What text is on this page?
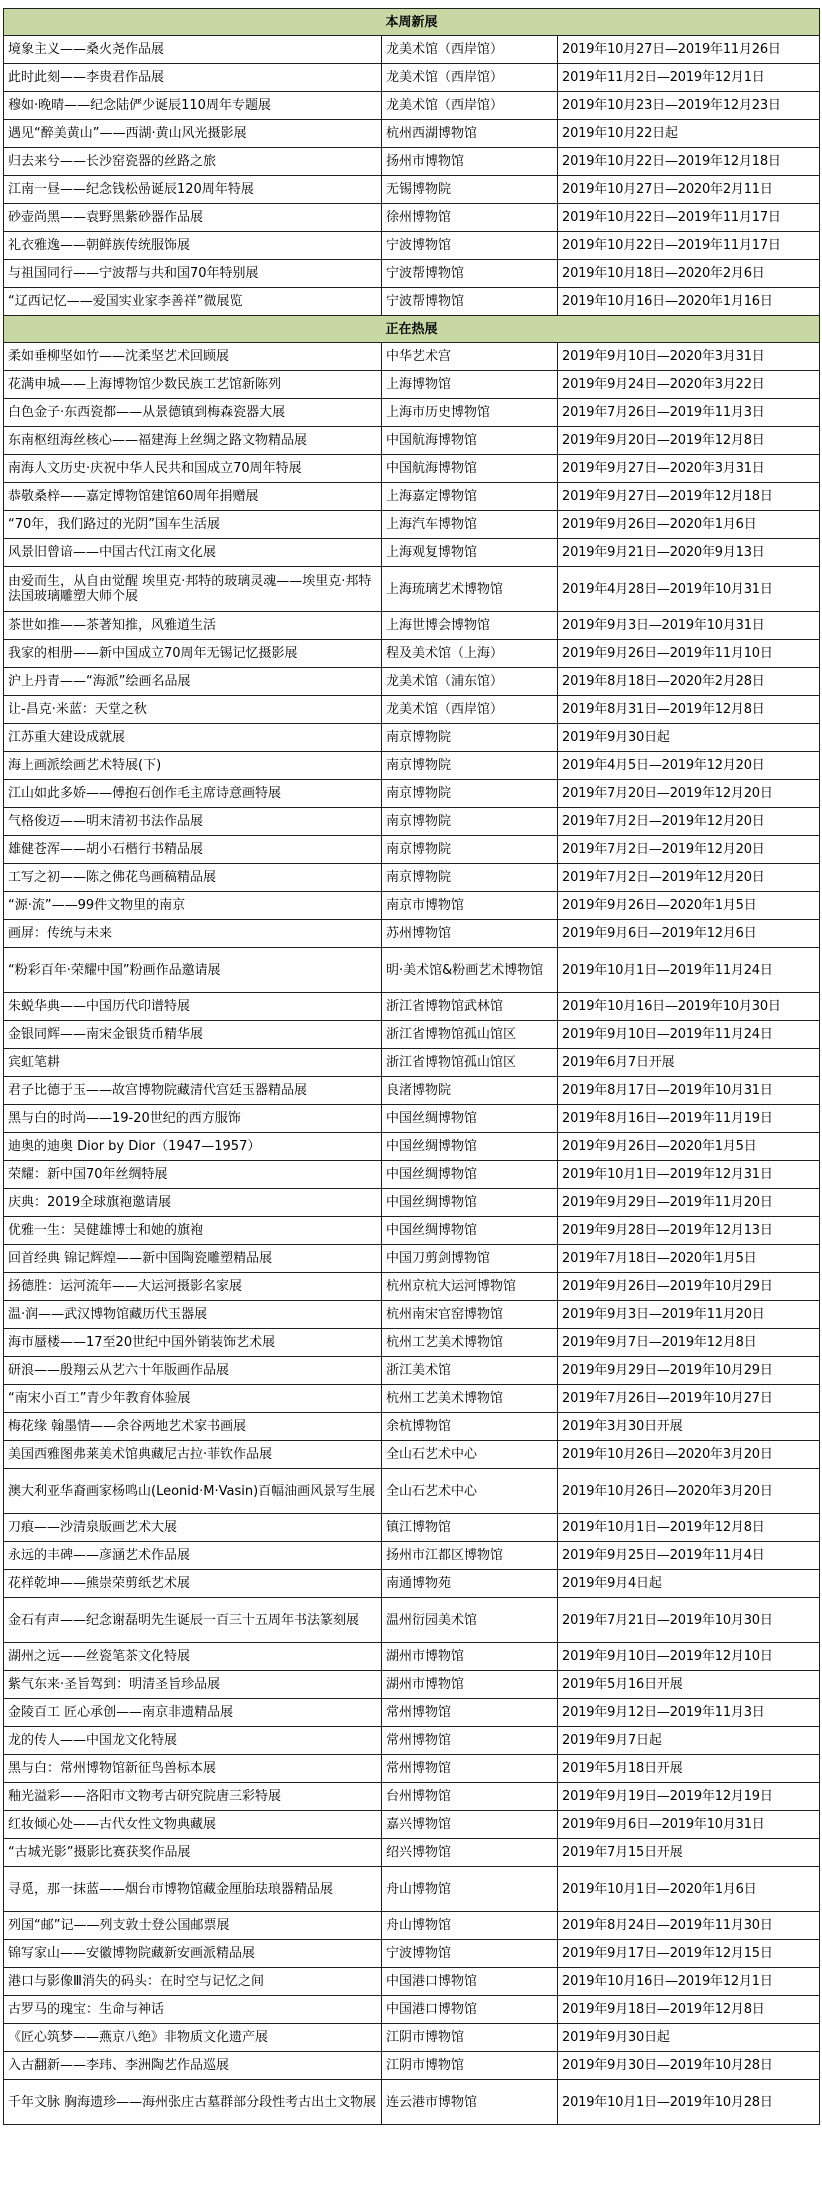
本周新展		
境象主义——桑火尧作品展	龙美术馆（西岸馆）	2019年10月27日—2019年11月26日
此时此刻——李贵君作品展	龙美术馆（西岸馆）	2019年11月2日—2019年12月1日
穆如·晚晴——纪念陆俨少诞辰110周年专题展	龙美术馆（西岸馆）	2019年10月23日—2019年12月23日
遇见“醉美黄山”——西湖·黄山风光摄影展	杭州西湖博物馆	2019年10月22日起
归去来兮——长沙窑瓷器的丝路之旅	扬州市博物馆	2019年10月22日—2019年12月18日
江南一昼——纪念钱松喦诞辰120周年特展	无锡博物院	2019年10月27日—2020年2月11日
砂壶尚黑——袁野黑紫砂器作品展	徐州博物馆	2019年10月22日—2019年11月17日
礼衣雅逸——朝鲜族传统服饰展	宁波博物馆	2019年10月22日—2019年11月17日
与祖国同行——宁波帮与共和国70年特别展	宁波帮博物馆	2019年10月18日—2020年2月6日
“辽西记忆——爱国实业家李善祥”微展览	宁波帮博物馆	2019年10月16日—2020年1月16日
正在热展		
柔如垂柳坚如竹——沈柔坚艺术回顾展	中华艺术宫	2019年9月10日—2020年3月31日
花满申城——上海博物馆少数民族工艺馆新陈列	上海博物馆	2019年9月24日—2020年3月22日
白色金子·东西瓷都——从景德镇到梅森瓷器大展	上海市历史博物馆	2019年7月26日—2019年11月3日
东南枢纽海丝核心——福建海上丝绸之路文物精品展	中国航海博物馆	2019年9月20日—2019年12月8日
南海人文历史·庆祝中华人民共和国成立70周年特展	中国航海博物馆	2019年9月27日—2020年3月31日
恭敬桑梓——嘉定博物馆建馆60周年捐赠展	上海嘉定博物馆	2019年9月27日—2019年12月18日
“70年，我们路过的光阴”国车生活展	上海汽车博物馆	2019年9月26日—2020年1月6日
风景旧曾谙——中国古代江南文化展	上海观复博物馆	2019年9月21日—2020年9月13日
由爱而生，从自由觉醒 埃里克·邦特的玻璃灵魂——埃里克·邦特 法国玻璃雕塑大师个展	上海琉璃艺术博物馆	2019年4月28日—2019年10月31日
茶世如推——茶著知推，风雅道生活	上海世博会博物馆	2019年9月3日—2019年10月31日
我家的相册——新中国成立70周年无锡记忆摄影展	程及美术馆（上海）	2019年9月26日—2019年11月10日
沪上丹青——“海派”绘画名品展	龙美术馆（浦东馆）	2019年8月18日—2020年2月28日
让-昌克·米蓝：天堂之秋	龙美术馆（西岸馆）	2019年8月31日—2019年12月8日
江苏重大建设成就展	南京博物院	2019年9月30日起
海上画派绘画艺术特展(下)	南京博物院	2019年4月5日—2019年12月20日
江山如此多娇——傅抱石创作毛主席诗意画特展	南京博物院	2019年7月20日—2019年12月20日
气格俊迈——明末清初书法作品展	南京博物院	2019年7月2日—2019年12月20日
雄健苍浑——胡小石楷行书精品展	南京博物院	2019年7月2日—2019年12月20日
工写之初——陈之佛花鸟画稿精品展	南京博物院	2019年7月2日—2019年12月20日
“源·流”——99件文物里的南京	南京市博物馆	2019年9月26日—2020年1月5日
画屏：传统与未来	苏州博物馆	2019年9月6日—2019年12月6日
“粉彩百年·荣耀中国”粉画作品邀请展	明·美术馆&粉画艺术博物馆	2019年10月1日—2019年11月24日
朱蜕华典——中国历代印谱特展	浙江省博物馆武林馆	2019年10月16日—2019年10月30日
金银同辉——南宋金银货币精华展	浙江省博物馆孤山馆区	2019年9月10日—2019年11月24日
宾虹笔耕	浙江省博物馆孤山馆区	2019年6月7日开展
君子比德于玉——故宫博物院藏清代宫廷玉器精品展	良渚博物院	2019年8月17日—2019年10月31日
黑与白的时尚——19-20世纪的西方服饰	中国丝绸博物馆	2019年8月16日—2019年11月19日
迪奥的迪奥 Dior by Dior（1947—1957）	中国丝绸博物馆	2019年9月26日—2020年1月5日
荣耀：新中国70年丝绸特展	中国丝绸博物馆	2019年10月1日—2019年12月31日
庆典：2019全球旗袍邀请展	中国丝绸博物馆	2019年9月29日—2019年11月20日
优雅一生：吴健雄博士和她的旗袍	中国丝绸博物馆	2019年9月28日—2019年12月13日
回首经典 锦记辉煌——新中国陶瓷雕塑精品展	中国刀剪剑博物馆	2019年7月18日—2020年1月5日
扬德胜：运河流年——大运河摄影名家展	杭州京杭大运河博物馆	2019年9月26日—2019年10月29日
温·润——武汉博物馆藏历代玉器展	杭州南宋官窑博物馆	2019年9月3日—2019年11月20日
海市蜃楼——17至20世纪中国外销装饰艺术展	杭州工艺美术博物馆	2019年9月7日—2019年12月8日
研浪——殷翔云从艺六十年版画作品展	浙江美术馆	2019年9月29日—2019年10月29日
“南宋小百工”青少年教育体验展	杭州工艺美术博物馆	2019年7月26日—2019年10月27日
梅花缘 翰墨情——余谷两地艺术家书画展	余杭博物馆	2019年3月30日开展
美国西雅图弗莱美术馆典藏尼古拉·菲钦作品展	全山石艺术中心	2019年10月26日—2020年3月20日
澳大利亚华裔画家杨鸣山(Leonid·M·Vasin)百幅油画风景写生展	全山石艺术中心	2019年10月26日—2020年3月20日
刀痕——沙清泉版画艺术大展	镇江博物馆	2019年10月1日—2019年12月8日
永远的丰碑——彦涵艺术作品展	扬州市江都区博物馆	2019年9月25日—2019年11月4日
花样乾坤——熊崇荣剪纸艺术展	南通博物苑	2019年9月4日起
金石有声——纪念谢磊明先生诞辰一百三十五周年书法篆刻展	温州衍园美术馆	2019年7月21日—2019年10月30日
湖州之远——丝瓷笔茶文化特展	湖州市博物馆	2019年9月10日—2019年12月10日
紫气东来·圣旨驾到：明清圣旨珍品展	湖州市博物馆	2019年5月16日开展
金陵百工 匠心承创——南京非遗精品展	常州博物馆	2019年9月12日—2019年11月3日
龙的传人——中国龙文化特展	常州博物馆	2019年9月7日起
黑与白：常州博物馆新征鸟兽标本展	常州博物馆	2019年5月18日开展
釉光溢彩——洛阳市文物考古研究院唐三彩特展	台州博物馆	2019年9月19日—2019年12月19日
红妆倾心处——古代女性文物典藏展	嘉兴博物馆	2019年9月6日—2019年10月31日
“古城光影”摄影比赛获奖作品展	绍兴博物馆	2019年7月15日开展
寻觅，那一抹蓝——烟台市博物馆藏金厘胎珐琅器精品展	舟山博物馆	2019年10月1日—2020年1月6日
列国“邮”记——列支敦士登公国邮票展	舟山博物馆	2019年8月24日—2019年11月30日
锦写家山——安徽博物院藏新安画派精品展	宁波博物馆	2019年9月17日—2019年12月15日
港口与影像Ⅲ消失的码头：在时空与记忆之间	中国港口博物馆	2019年10月16日—2019年12月1日
古罗马的瑰宝：生命与神话	中国港口博物馆	2019年9月18日—2019年12月8日
《匠心筑梦——燕京八绝》非物质文化遗产展	江阴市博物馆	2019年9月30日起
入古翻新——李玮、李洲陶艺作品巡展	江阴市博物馆	2019年9月30日—2019年10月28日
千年文脉 胸海遗珍——海州张庄古墓群部分段性考古出土文物展	连云港市博物馆	2019年10月1日—2019年10月28日
